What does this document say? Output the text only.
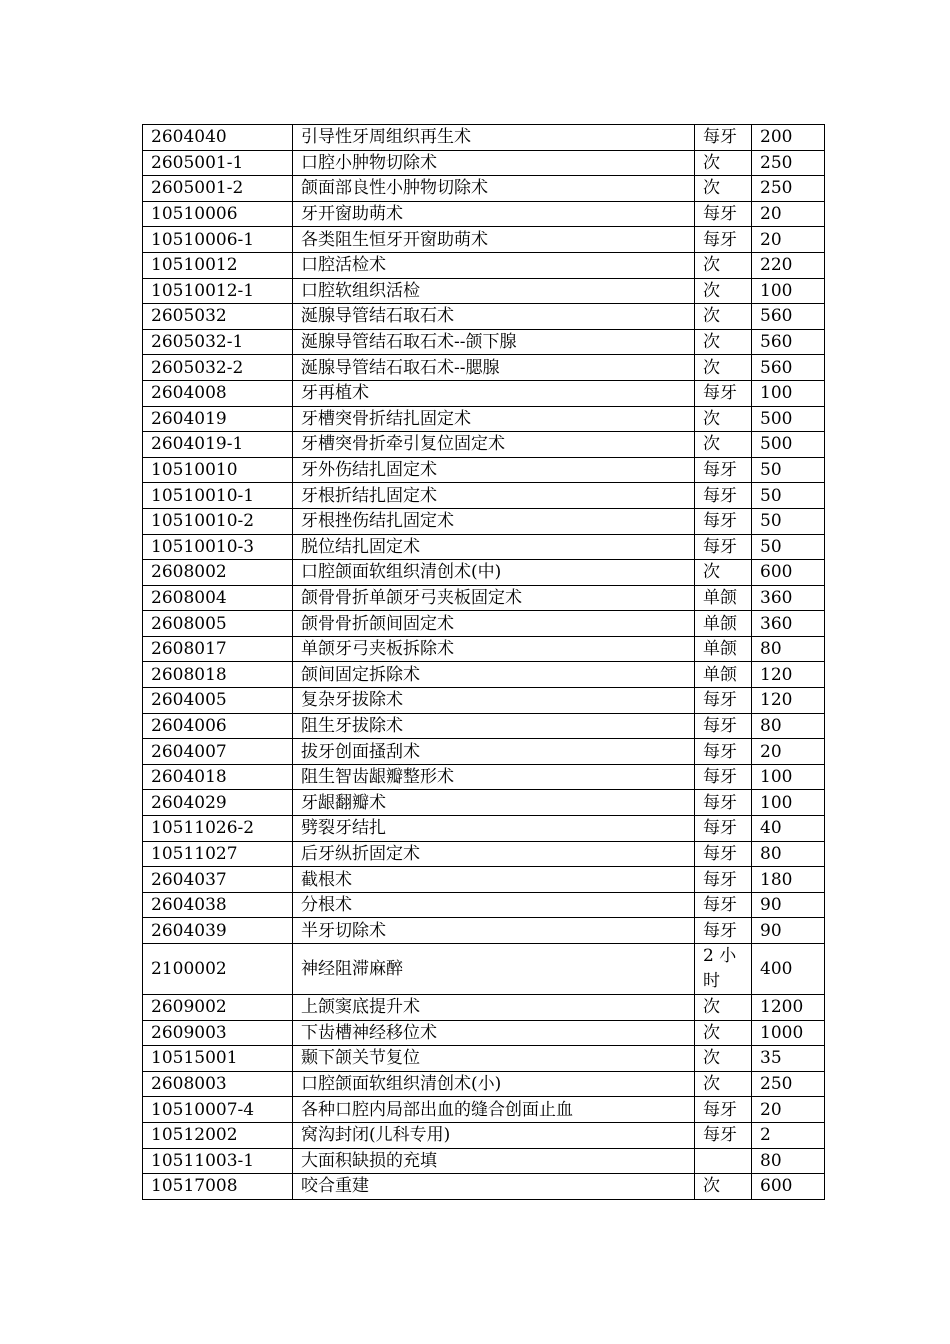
2604040	引导性牙周组织再生术	每牙	200
2605001-1	口腔小肿物切除术	次	250
2605001-2	颌面部良性小肿物切除术	次	250
10510006	牙开窗助萌术	每牙	20
10510006-1	各类阻生恒牙开窗助萌术	每牙	20
10510012	口腔活检术	次	220
10510012-1	口腔软组织活检	次	100
2605032	涎腺导管结石取石术	次	560
2605032-1	涎腺导管结石取石术--颌下腺	次	560
2605032-2	涎腺导管结石取石术--腮腺	次	560
2604008	牙再植术	每牙	100
2604019	牙槽突骨折结扎固定术	次	500
2604019-1	牙槽突骨折牵引复位固定术	次	500
10510010	牙外伤结扎固定术	每牙	50
10510010-1	牙根折结扎固定术	每牙	50
10510010-2	牙根挫伤结扎固定术	每牙	50
10510010-3	脱位结扎固定术	每牙	50
2608002	口腔颌面软组织清创术(中)	次	600
2608004	颌骨骨折单颌牙弓夹板固定术	单颌	360
2608005	颌骨骨折颌间固定术	单颌	360
2608017	单颌牙弓夹板拆除术	单颌	80
2608018	颌间固定拆除术	单颌	120
2604005	复杂牙拔除术	每牙	120
2604006	阻生牙拔除术	每牙	80
2604007	拔牙创面搔刮术	每牙	20
2604018	阻生智齿龈瓣整形术	每牙	100
2604029	牙龈翻瓣术	每牙	100
10511026-2	劈裂牙结扎	每牙	40
10511027	后牙纵折固定术	每牙	80
2604037	截根术	每牙	180
2604038	分根术	每牙	90
2604039	半牙切除术	每牙	90
2100002	神经阻滞麻醉	2 小时	400
2609002	上颌窦底提升术	次	1200
2609003	下齿槽神经移位术	次	1000
10515001	颞下颌关节复位	次	35
2608003	口腔颌面软组织清创术(小)	次	250
10510007-4	各种口腔内局部出血的缝合创面止血	每牙	20
10512002	窝沟封闭(儿科专用)	每牙	2
10511003-1	大面积缺损的充填		80
10517008	咬合重建	次	600
